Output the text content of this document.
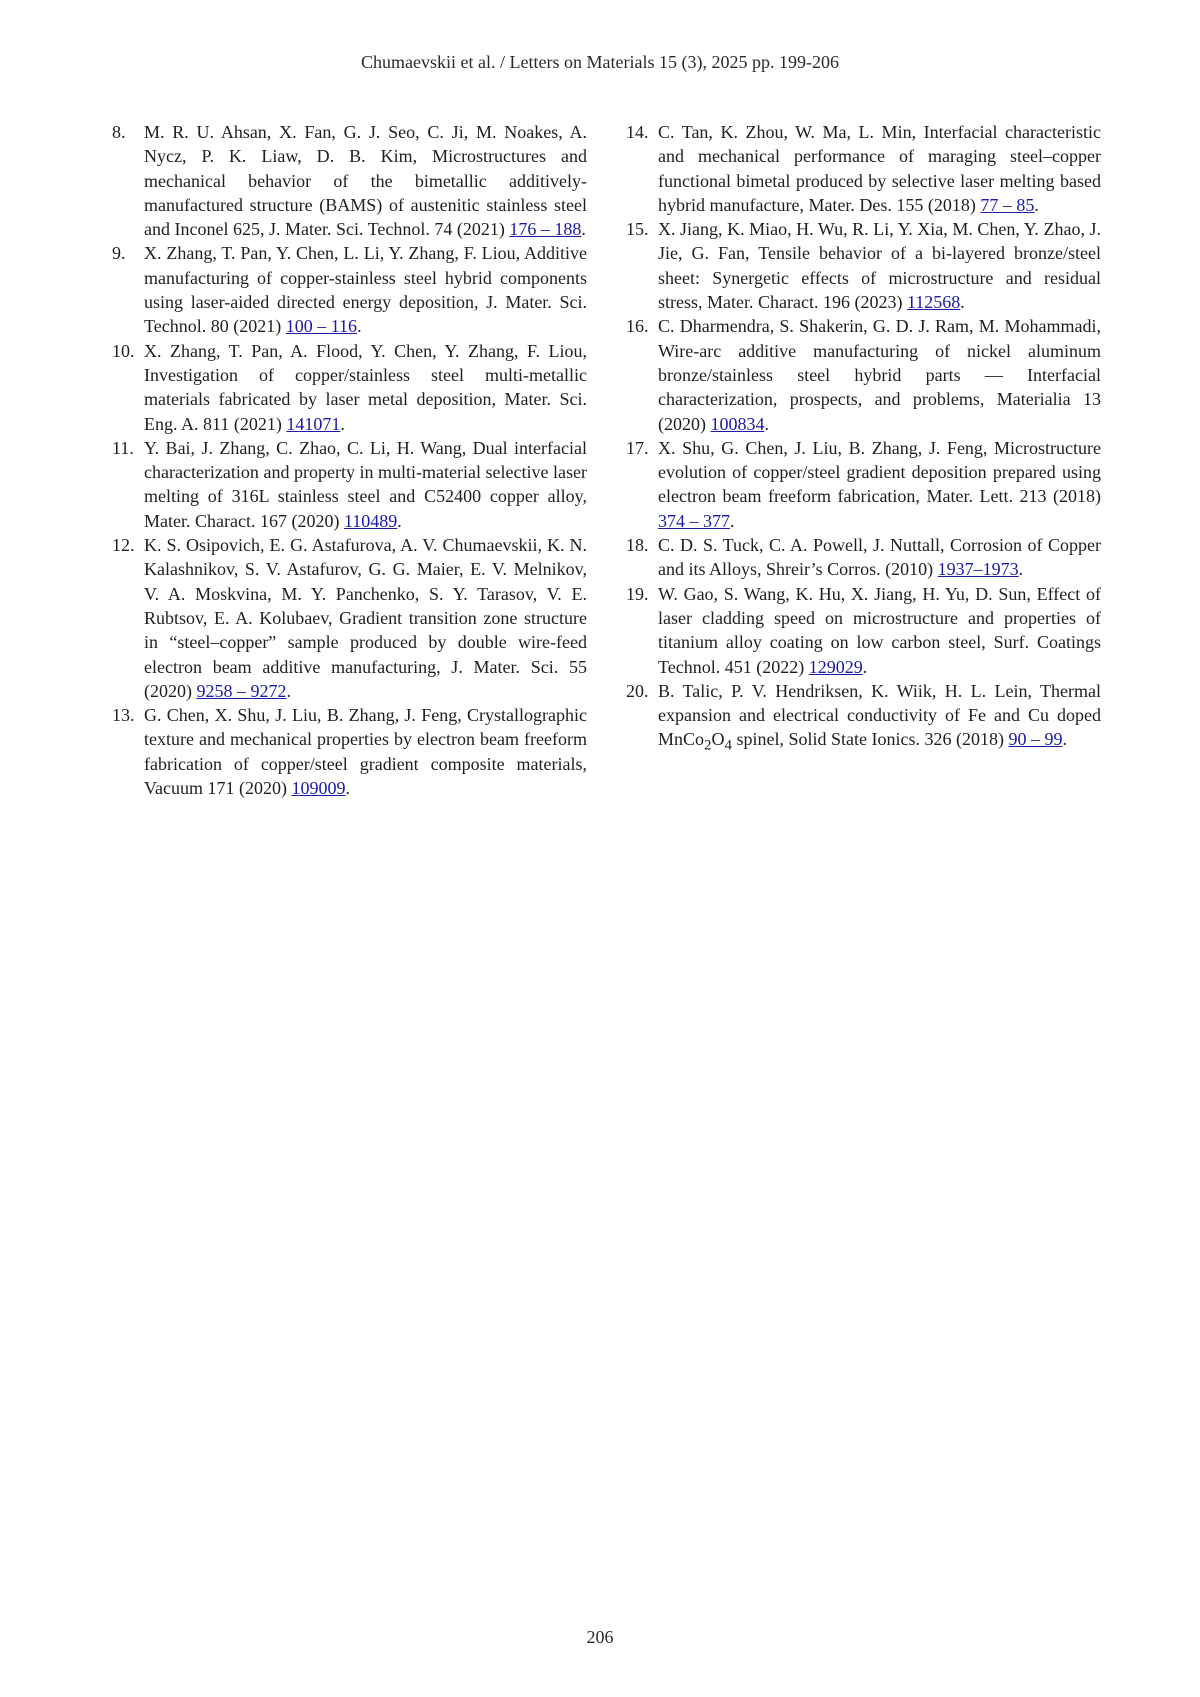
Chumaevskii et al. / Letters on Materials 15 (3), 2025 pp. 199-206
8.	M. R. U. Ahsan, X. Fan, G. J. Seo, C. Ji, M. Noakes, A. Nycz, P. K. Liaw, D. B. Kim, Microstructures and mechanical behavior of the bimetallic additively-manufactured structure (BAMS) of austenitic stainless steel and Inconel 625, J. Mater. Sci. Technol. 74 (2021) 176 – 188.
9.	X. Zhang, T. Pan, Y. Chen, L. Li, Y. Zhang, F. Liou, Additive manufacturing of copper-stainless steel hybrid components using laser-aided directed energy deposition, J. Mater. Sci. Technol. 80 (2021) 100 – 116.
10. X. Zhang, T. Pan, A. Flood, Y. Chen, Y. Zhang, F. Liou, Investigation of copper/stainless steel multi-metallic materials fabricated by laser metal deposition, Mater. Sci. Eng. A. 811 (2021) 141071.
11. Y. Bai, J. Zhang, C. Zhao, C. Li, H. Wang, Dual interfacial characterization and property in multi-material selective laser melting of 316L stainless steel and C52400 copper alloy, Mater. Charact. 167 (2020) 110489.
12. K. S. Osipovich, E. G. Astafurova, A. V. Chumaevskii, K. N. Kalashnikov, S. V. Astafurov, G. G. Maier, E. V. Melnikov, V. A. Moskvina, M. Y. Panchenko, S. Y. Tarasov, V. E. Rubtsov, E. A. Kolubaev, Gradient transition zone structure in “steel–copper” sample produced by double wire-feed electron beam additive manufacturing, J. Mater. Sci. 55 (2020) 9258 – 9272.
13. G. Chen, X. Shu, J. Liu, B. Zhang, J. Feng, Crystallographic texture and mechanical properties by electron beam freeform fabrication of copper/steel gradient composite materials, Vacuum 171 (2020) 109009.
14. C. Tan, K. Zhou, W. Ma, L. Min, Interfacial characteristic and mechanical performance of maraging steel–copper functional bimetal produced by selective laser melting based hybrid manufacture, Mater. Des. 155 (2018) 77 – 85.
15. X. Jiang, K. Miao, H. Wu, R. Li, Y. Xia, M. Chen, Y. Zhao, J. Jie, G. Fan, Tensile behavior of a bi-layered bronze/steel sheet: Synergetic effects of microstructure and residual stress, Mater. Charact. 196 (2023) 112568.
16. C. Dharmendra, S. Shakerin, G. D. J. Ram, M. Mohammadi, Wire-arc additive manufacturing of nickel aluminum bronze/stainless steel hybrid parts — Interfacial characterization, prospects, and problems, Materialia 13 (2020) 100834.
17. X. Shu, G. Chen, J. Liu, B. Zhang, J. Feng, Microstructure evolution of copper/steel gradient deposition prepared using electron beam freeform fabrication, Mater. Lett. 213 (2018) 374 – 377.
18. C. D. S. Tuck, C. A. Powell, J. Nuttall, Corrosion of Copper and its Alloys, Shreir’s Corros. (2010) 1937–1973.
19. W. Gao, S. Wang, K. Hu, X. Jiang, H. Yu, D. Sun, Effect of laser cladding speed on microstructure and properties of titanium alloy coating on low carbon steel, Surf. Coatings Technol. 451 (2022) 129029.
20. B. Talic, P. V. Hendriksen, K. Wiik, H. L. Lein, Thermal expansion and electrical conductivity of Fe and Cu doped $MnCo_2O_4$ spinel, Solid State Ionics. 326 (2018) 90 – 99.
206
